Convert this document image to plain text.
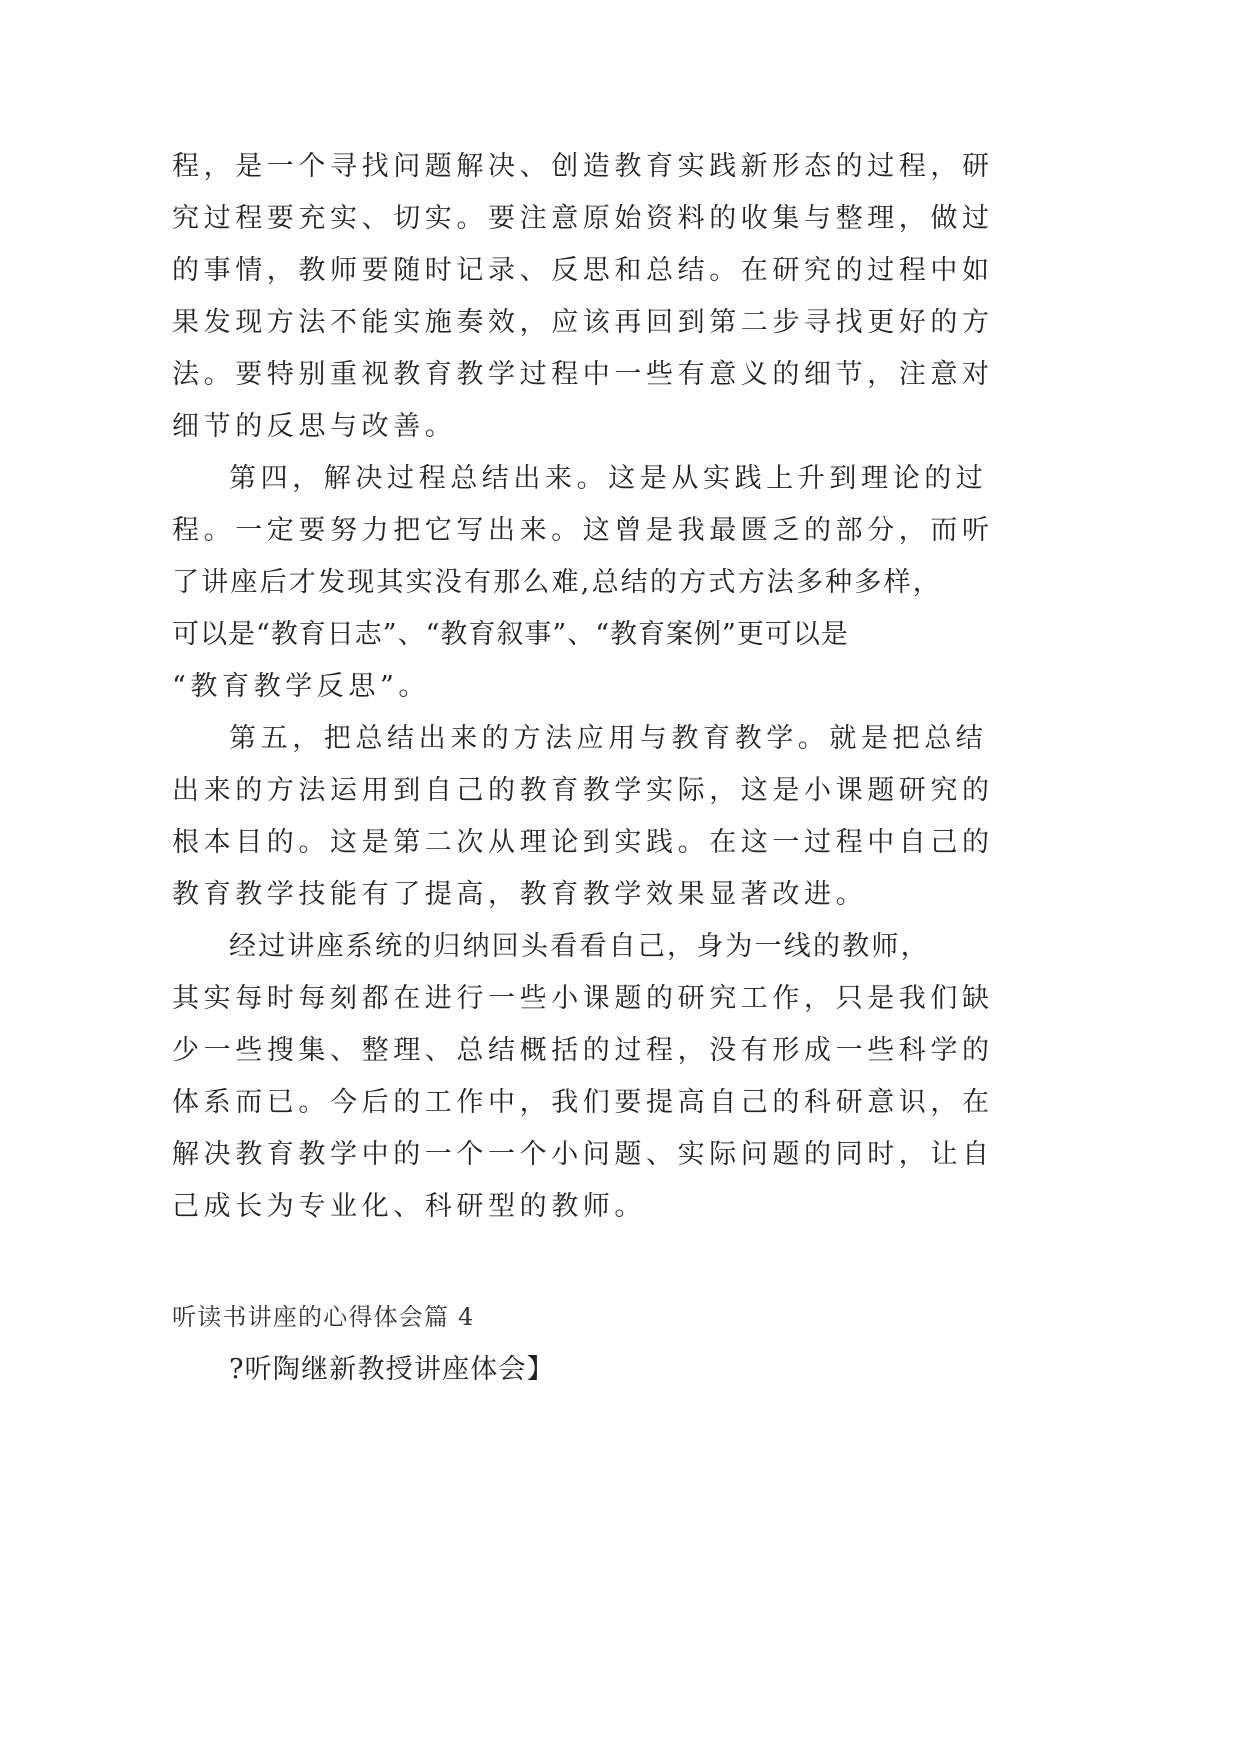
程，是一个寻找问题解决、创造教育实践新形态的过程，研
究过程要充实、切实。要注意原始资料的收集与整理，做过
的事情，教师要随时记录、反思和总结。在研究的过程中如
果发现方法不能实施奏效，应该再回到第二步寻找更好的方
法。要特别重视教育教学过程中一些有意义的细节，注意对
细节的反思与改善。
第四，解决过程总结出来。这是从实践上升到理论的过
程。一定要努力把它写出来。这曾是我最匮乏的部分，而听
了讲座后才发现其实没有那么难,总结的方式方法多种多样，
可以是“教育日志”、“教育叙事”、“教育案例”更可以是
“教育教学反思”。
第五，把总结出来的方法应用与教育教学。就是把总结
出来的方法运用到自己的教育教学实际，这是小课题研究的
根本目的。这是第二次从理论到实践。在这一过程中自己的
教育教学技能有了提高，教育教学效果显著改进。
经过讲座系统的归纳回头看看自己，身为一线的教师，
其实每时每刻都在进行一些小课题的研究工作，只是我们缺
少一些搜集、整理、总结概括的过程，没有形成一些科学的
体系而已。今后的工作中，我们要提高自己的科研意识，在
解决教育教学中的一个一个小问题、实际问题的同时，让自
己成长为专业化、科研型的教师。
听读书讲座的心得体会篇 4
?听陶继新教授讲座体会】
